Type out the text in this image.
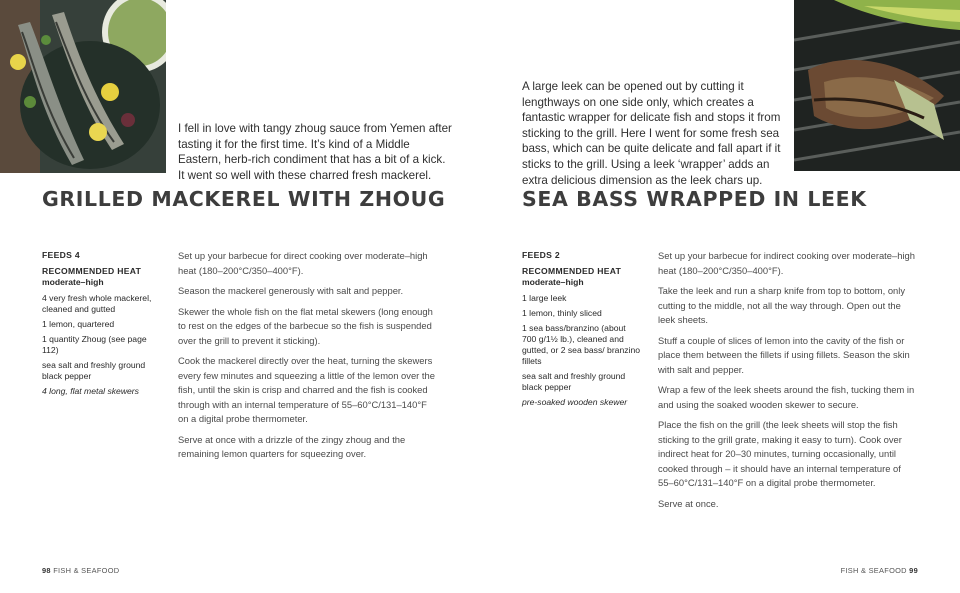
I fell in love with tangy zhoug sauce from Yemen after tasting it for the first time. It’s kind of a Middle Eastern, herb-rich condiment that has a bit of a kick. It went so well with these charred fresh mackerel.

GRILLED MACKEREL WITH ZHOUG
FEEDS 4
RECOMMENDED HEAT
moderate–high
4 very fresh whole mackerel, cleaned and gutted
1 lemon, quartered
1 quantity Zhoug (see page 112)
sea salt and freshly ground black pepper
4 long, flat metal skewers

Set up your barbecue for direct cooking over moderate–high heat (180–200°C/350–400°F).

Season the mackerel generously with salt and pepper.

Skewer the whole fish on the flat metal skewers (long enough to rest on the edges of the barbecue so the fish is suspended over the grill to prevent it sticking).

Cook the mackerel directly over the heat, turning the skewers every few minutes and squeezing a little of the lemon over the fish, until the skin is crisp and charred and the fish is cooked through with an internal temperature of 55–60°C/131–140°F on a digital probe thermometer.

Serve at once with a drizzle of the zingy zhoug and the remaining lemon quarters for squeezing over.

98 FISH & SEAFOOD

A large leek can be opened out by cutting it lengthways on one side only, which creates a fantastic wrapper for delicate fish and stops it from sticking to the grill. Here I went for some fresh sea bass, which can be quite delicate and fall apart if it sticks to the grill. Using a leek ‘wrapper’ adds an extra delicious dimension as the leek chars up.

SEA BASS WRAPPED IN LEEK
FEEDS 2
RECOMMENDED HEAT
moderate–high
1 large leek
1 lemon, thinly sliced
1 sea bass/branzino (about 700 g/1½ lb.), cleaned and gutted, or 2 sea bass/ branzino fillets
sea salt and freshly ground black pepper
pre-soaked wooden skewer

Set up your barbecue for indirect cooking over moderate–high heat (180–200°C/350–400°F).

Take the leek and run a sharp knife from top to bottom, only cutting to the middle, not all the way through. Open out the leek sheets.

Stuff a couple of slices of lemon into the cavity of the fish or place them between the fillets if using fillets. Season the skin with salt and pepper.

Wrap a few of the leek sheets around the fish, tucking them in and using the soaked wooden skewer to secure.

Place the fish on the grill (the leek sheets will stop the fish sticking to the grill grate, making it easy to turn). Cook over indirect heat for 20–30 minutes, turning occasionally, until cooked through – it should have an internal temperature of 55–60°C/131–140°F on a digital probe thermometer.

Serve at once.

FISH & SEAFOOD 99
